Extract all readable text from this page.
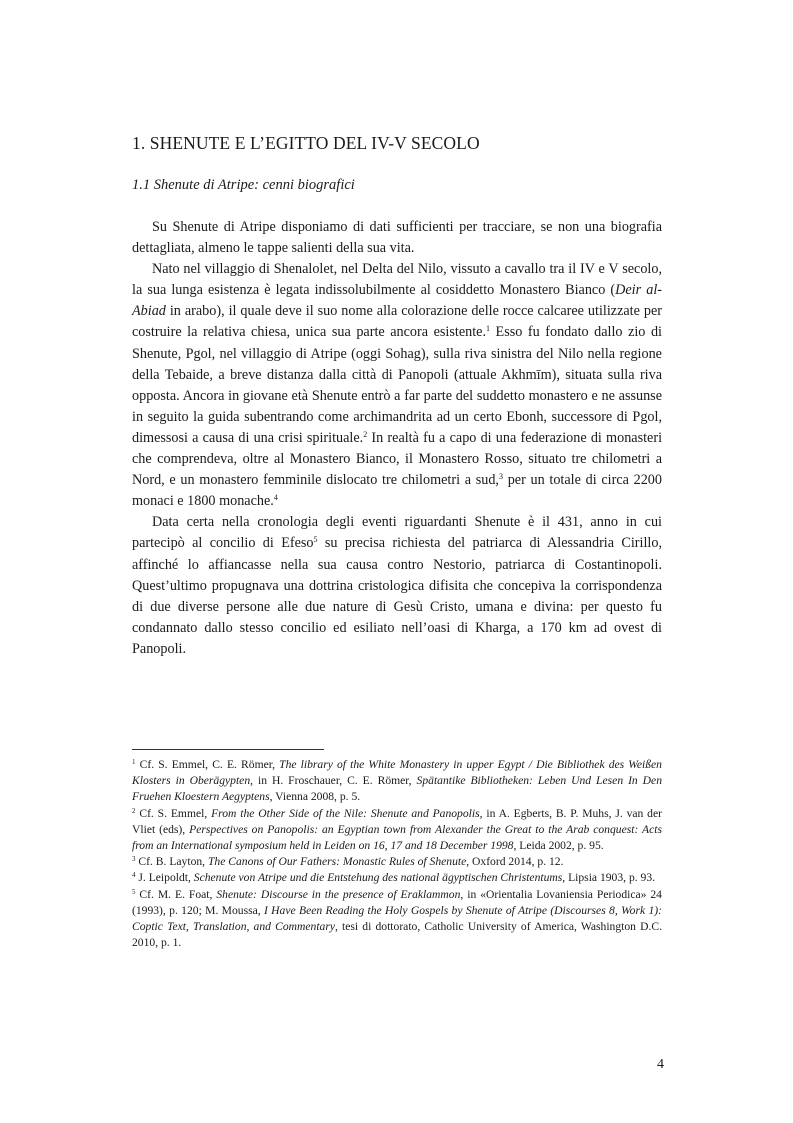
1. SHENUTE E L’EGITTO DEL IV-V SECOLO
1.1 Shenute di Atripe: cenni biografici

Su Shenute di Atripe disponiamo di dati sufficienti per tracciare, se non una biografia dettagliata, almeno le tappe salienti della sua vita.

Nato nel villaggio di Shenalolet, nel Delta del Nilo, vissuto a cavallo tra il IV e V secolo, la sua lunga esistenza è legata indissolubilmente al cosiddetto Monastero Bianco (Deir al-Abiad in arabo), il quale deve il suo nome alla colorazione delle rocce calcaree utilizzate per costruire la relativa chiesa, unica sua parte ancora esistente.$^1$ Esso fu fondato dallo zio di Shenute, Pgol, nel villaggio di Atripe (oggi Sohag), sulla riva sinistra del Nilo nella regione della Tebaide, a breve distanza dalla città di Panopoli (attuale Akhmīm), situata sulla riva opposta. Ancora in giovane età Shenute entrò a far parte del suddetto monastero e ne assunse in seguito la guida subentrando come archimandrita ad un certo Ebonh, successore di Pgol, dimessosi a causa di una crisi spirituale.$^2$ In realtà fu a capo di una federazione di monasteri che comprendeva, oltre al Monastero Bianco, il Monastero Rosso, situato tre chilometri a Nord, e un monastero femminile dislocato tre chilometri a sud,$^3$ per un totale di circa 2200 monaci e 1800 monache.$^4$

Data certa nella cronologia degli eventi riguardanti Shenute è il 431, anno in cui partecipò al concilio di Efeso$^5$ su precisa richiesta del patriarca di Alessandria Cirillo, affinché lo affiancasse nella sua causa contro Nestorio, patriarca di Costantinopoli. Quest’ultimo propugnava una dottrina cristologica difisita che concepiva la corrispondenza di due diverse persone alle due nature di Gesù Cristo, umana e divina: per questo fu condannato dallo stesso concilio ed esiliato nell’oasi di Kharga, a 170 km ad ovest di Panopoli.

$^1$ Cf. S. Emmel, C. E. Römer, The library of the White Monastery in upper Egypt / Die Bibliothek des Weißen Klosters in Oberägypten, in H. Froschauer, C. E. Römer, Spätantike Bibliotheken: Leben Und Lesen In Den Fruehen Kloestern Aegyptens, Vienna 2008, p. 5.

$^2$ Cf. S. Emmel, From the Other Side of the Nile: Shenute and Panopolis, in A. Egberts, B. P. Muhs, J. van der Vliet (eds), Perspectives on Panopolis: an Egyptian town from Alexander the Great to the Arab conquest: Acts from an International symposium held in Leiden on 16, 17 and 18 December 1998, Leida 2002, p. 95.

$^3$ Cf. B. Layton, The Canons of Our Fathers: Monastic Rules of Shenute, Oxford 2014, p. 12.

$^4$ J. Leipoldt, Schenute von Atripe und die Entstehung des national ägyptischen Christentums, Lipsia 1903, p. 93.

$^5$ Cf. M. E. Foat, Shenute: Discourse in the presence of Eraklammon, in «Orientalia Lovaniensia Periodica» 24 (1993), p. 120; M. Moussa, I Have Been Reading the Holy Gospels by Shenute of Atripe (Discourses 8, Work 1): Coptic Text, Translation, and Commentary, tesi di dottorato, Catholic University of America, Washington D.C. 2010, p. 1.

4
